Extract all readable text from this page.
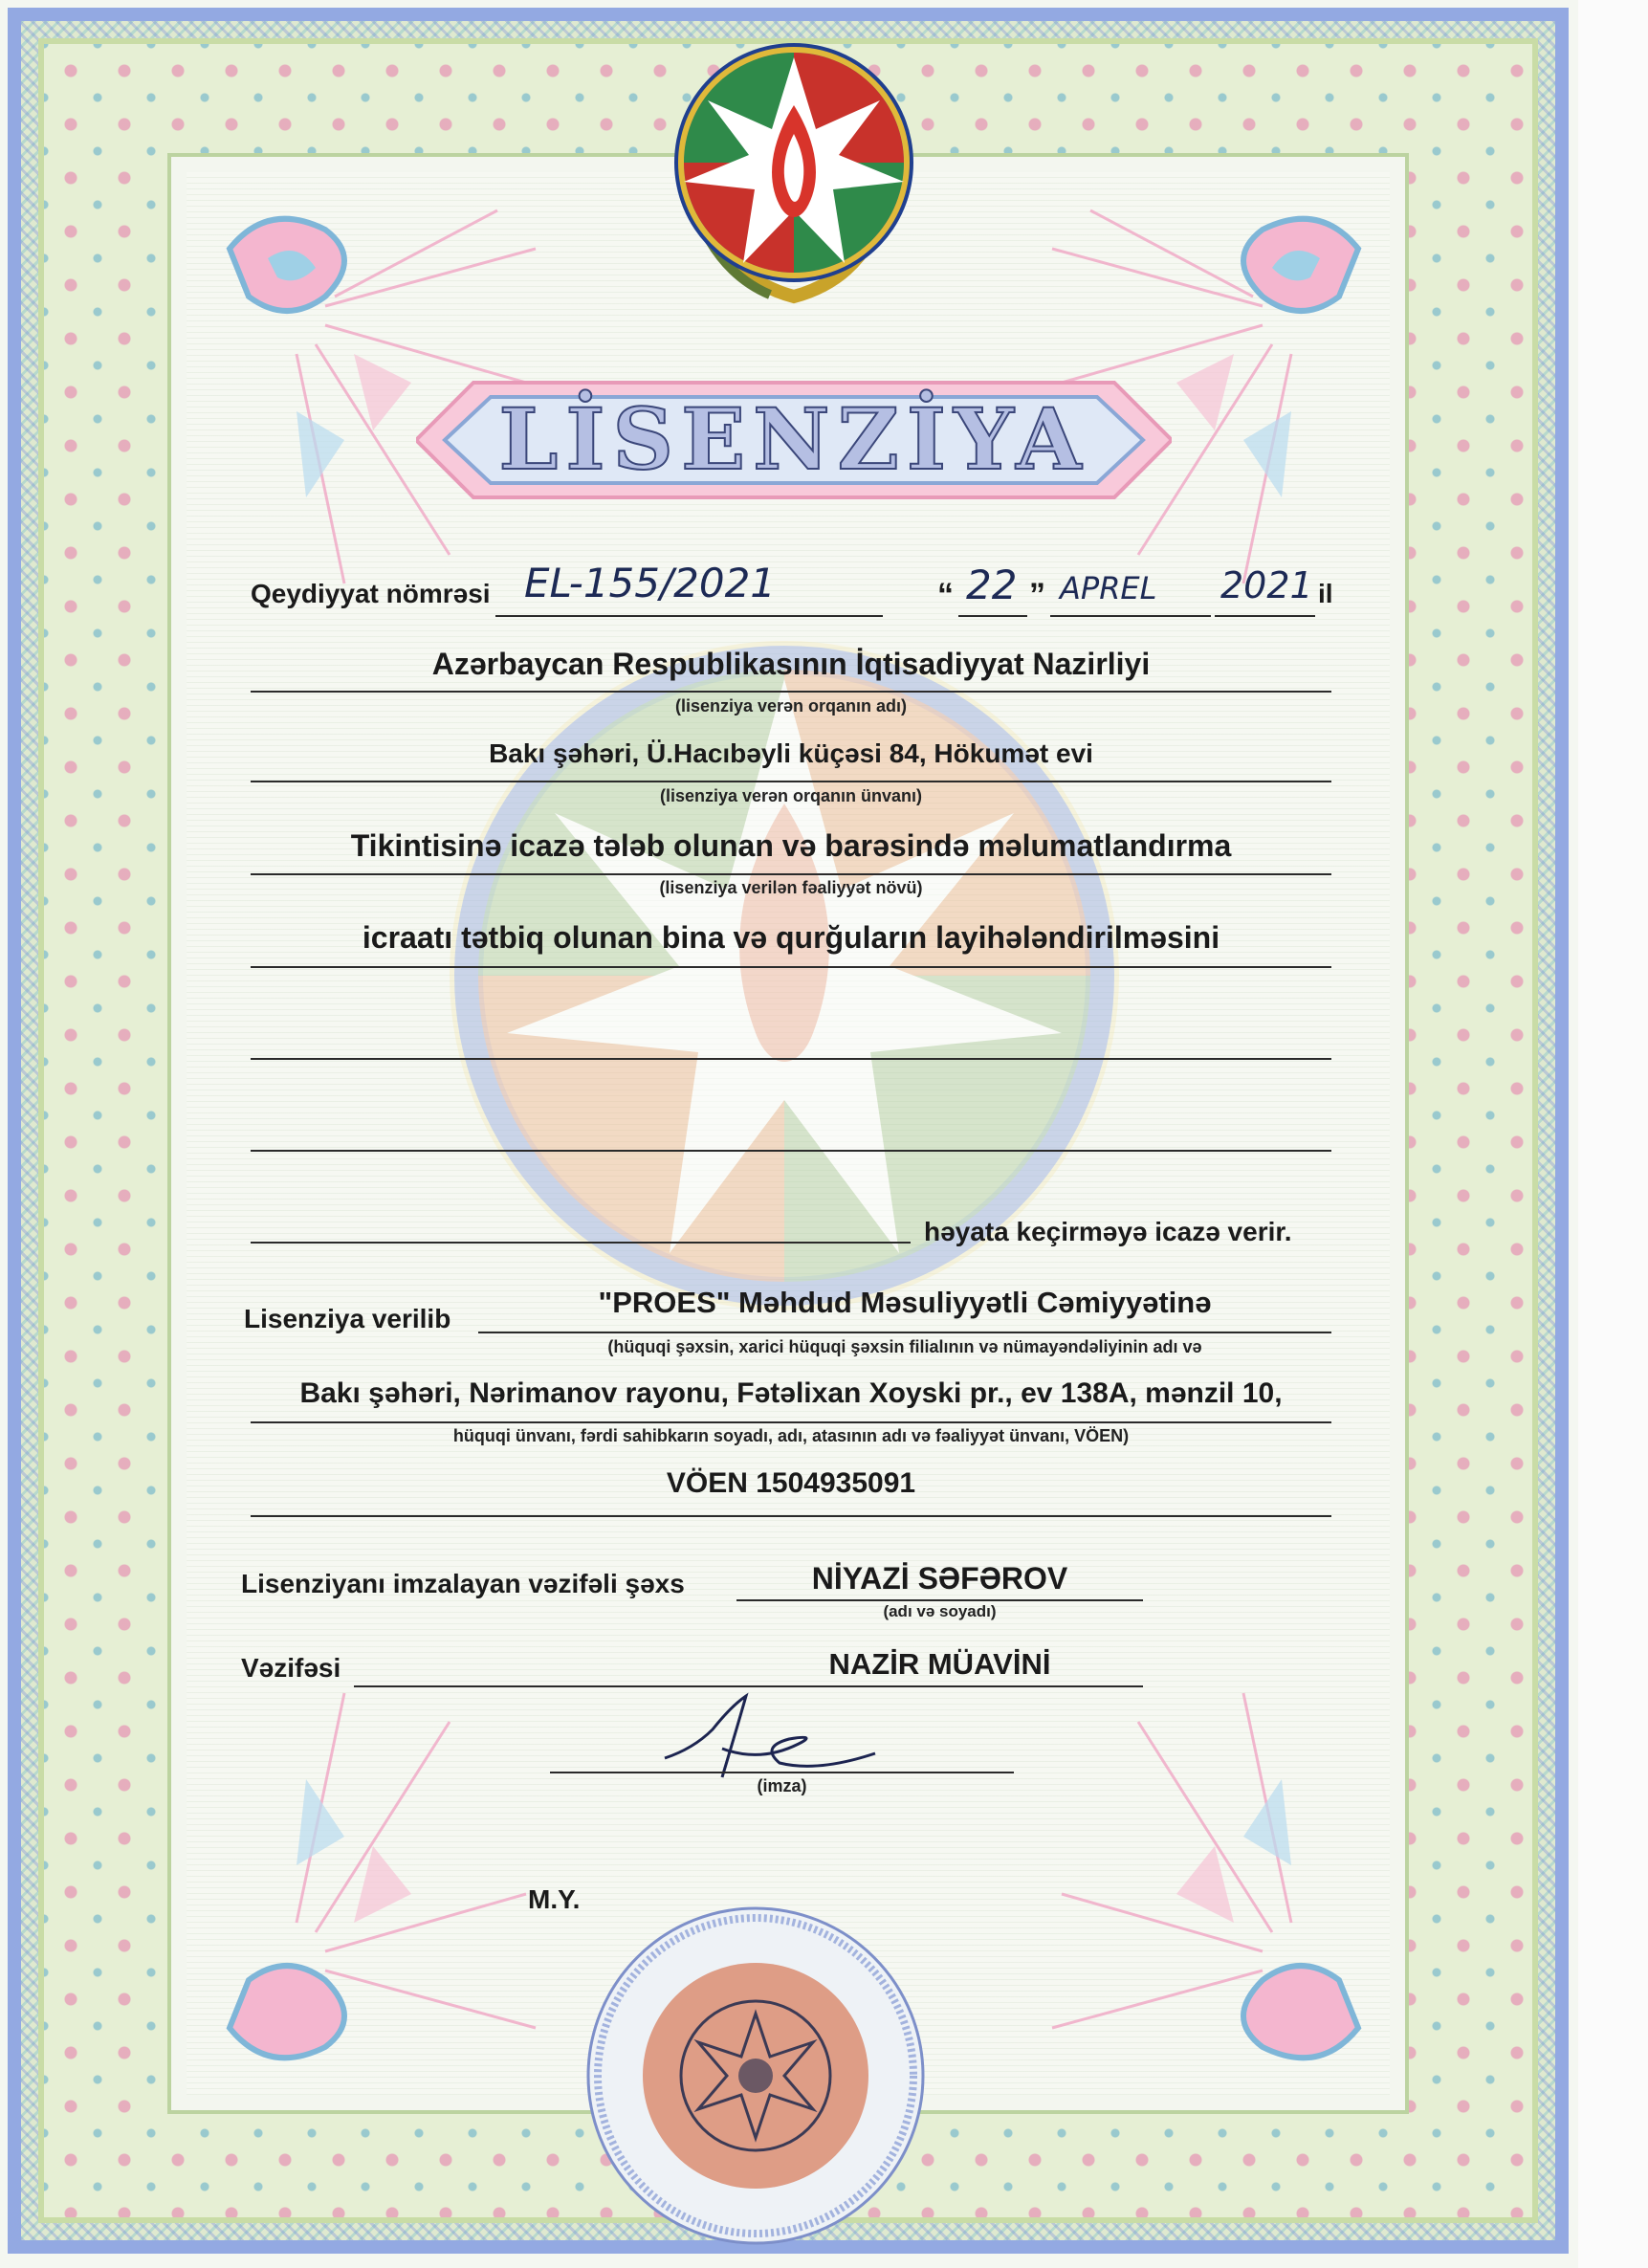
LİSENZİYA
Qeydiyyat nömrəsi EL-155/2021	“ 22 ” APREL 2021 il
Azərbaycan Respublikasının İqtisadiyyat Nazirliyi
(lisenziya verən orqanın adı)
Bakı şəhəri, Ü.Hacıbəyli küçəsi 84, Hökumət evi
(lisenziya verən orqanın ünvanı)
Tikintisinə icazə tələb olunan və barəsində məlumatlandırma
(lisenziya verilən fəaliyyət növü)
icraatı tətbiq olunan bina və qurğuların layihələndirilməsini
həyata keçirməyə icazə verir.
Lisenziya verilib	"PROES" Məhdud Məsuliyyətli Cəmiyyətinə
(hüquqi şəxsin, xarici hüquqi şəxsin filialının və nümayəndəliyinin adı və
Bakı şəhəri, Nərimanov rayonu, Fətəlixan Xoyski pr., ev 138A, mənzil 10,
hüquqi ünvanı, fərdi sahibkarın soyadı, adı, atasının adı və fəaliyyət ünvanı, VÖEN)
VÖEN 1504935091
Lisenziyanı imzalayan vəzifəli şəxs	NİYAZİ SƏFƏROV
(adı və soyadı)
Vəzifəsi	NAZİR MÜAVİNİ
(imza)
M.Y.
